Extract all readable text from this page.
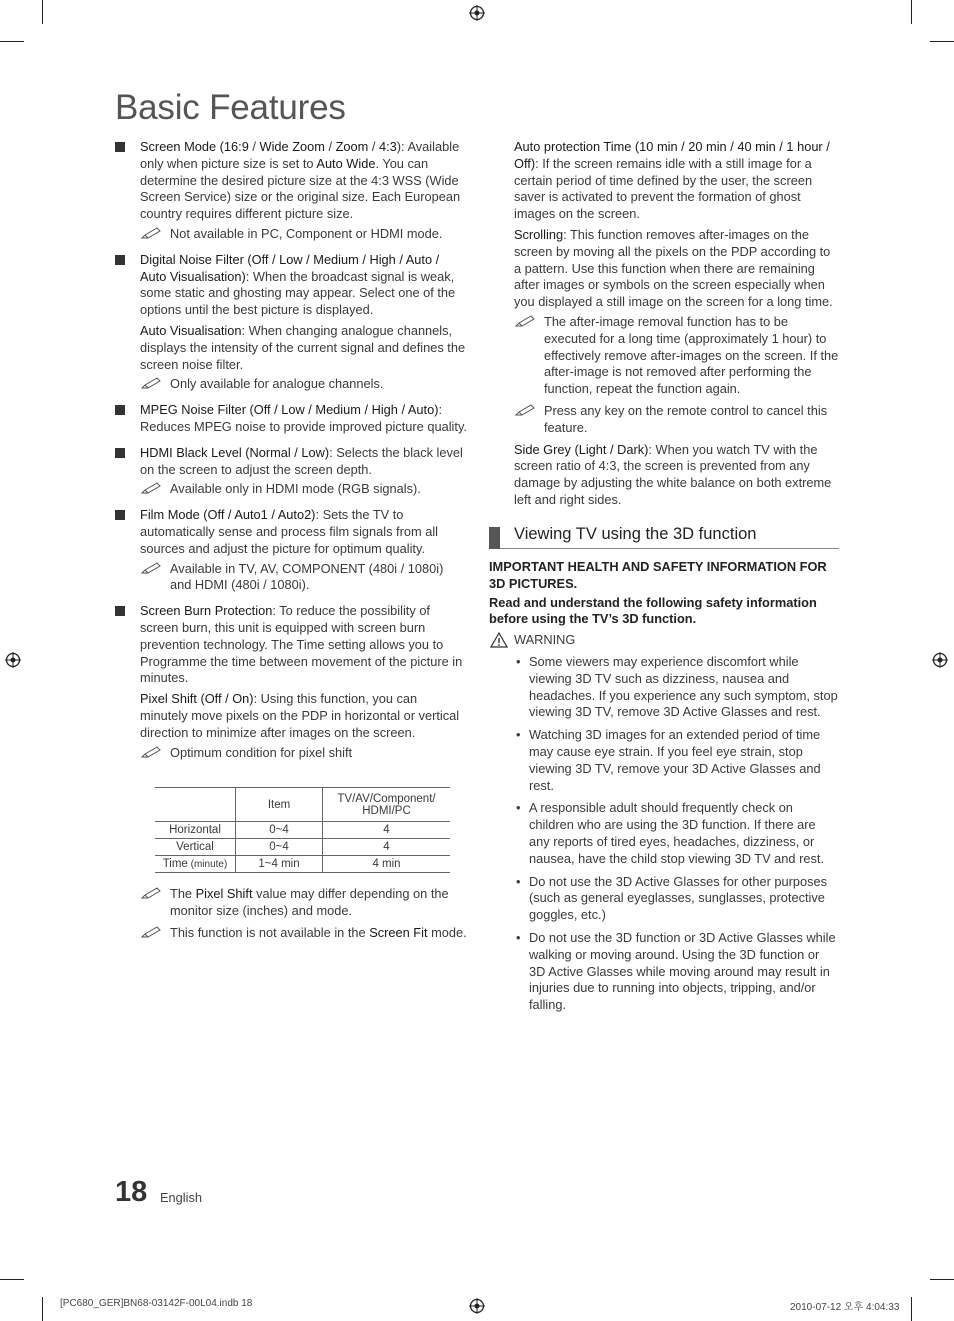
Basic Features

Screen Mode (16:9 / Wide Zoom / Zoom / 4:3): Available only when picture size is set to Auto Wide. You can determine the desired picture size at the 4:3 WSS (Wide Screen Service) size or the original size. Each European country requires different picture size.

Not available in PC, Component or HDMI mode.

Digital Noise Filter (Off / Low / Medium / High / Auto / Auto Visualisation): When the broadcast signal is weak, some static and ghosting may appear. Select one of the options until the best picture is displayed.

Auto Visualisation: When changing analogue channels, displays the intensity of the current signal and defines the screen noise filter.

Only available for analogue channels.

MPEG Noise Filter (Off / Low / Medium / High / Auto): Reduces MPEG noise to provide improved picture quality.

HDMI Black Level (Normal / Low): Selects the black level on the screen to adjust the screen depth.

Available only in HDMI mode (RGB signals).

Film Mode (Off / Auto1 / Auto2): Sets the TV to automatically sense and process film signals from all sources and adjust the picture for optimum quality.

Available in TV, AV, COMPONENT (480i / 1080i) and HDMI (480i / 1080i).

Screen Burn Protection: To reduce the possibility of screen burn, this unit is equipped with screen burn prevention technology. The Time setting allows you to Programme the time between movement of the picture in minutes.

Pixel Shift (Off / On): Using this function, you can minutely move pixels on the PDP in horizontal or vertical direction to minimize after images on the screen.

Optimum condition for pixel shift
	Item	TV/AV/Component/ HDMI/PC
Horizontal	0~4	4
Vertical	0~4	4
Time (minute)	1~4 min	4 min
The Pixel Shift value may differ depending on the monitor size (inches) and mode.
This function is not available in the Screen Fit mode.

Auto protection Time (10 min / 20 min / 40 min / 1 hour / Off): If the screen remains idle with a still image for a certain period of time defined by the user, the screen saver is activated to prevent the formation of ghost images on the screen.

Scrolling: This function removes after-images on the screen by moving all the pixels on the PDP according to a pattern. Use this function when there are remaining after images or symbols on the screen especially when you displayed a still image on the screen for a long time.

The after-image removal function has to be executed for a long time (approximately 1 hour) to effectively remove after-images on the screen. If the after-image is not removed after performing the function, repeat the function again.
Press any key on the remote control to cancel this feature.

Side Grey (Light / Dark): When you watch TV with the screen ratio of 4:3, the screen is prevented from any damage by adjusting the white balance on both extreme left and right sides.

Viewing TV using the 3D function

IMPORTANT HEALTH AND SAFETY INFORMATION FOR 3D PICTURES.

Read and understand the following safety information before using the TV’s 3D function.

WARNING
• Some viewers may experience discomfort while viewing 3D TV such as dizziness, nausea and headaches. If you experience any such symptom, stop viewing 3D TV, remove 3D Active Glasses and rest.
• Watching 3D images for an extended period of time may cause eye strain. If you feel eye strain, stop viewing 3D TV, remove your 3D Active Glasses and rest.
• A responsible adult should frequently check on children who are using the 3D function. If there are any reports of tired eyes, headaches, dizziness, or nausea, have the child stop viewing 3D TV and rest.
• Do not use the 3D Active Glasses for other purposes (such as general eyeglasses, sunglasses, protective goggles, etc.)
• Do not use the 3D function or 3D Active Glasses while walking or moving around. Using the 3D function or 3D Active Glasses while moving around may result in injuries due to running into objects, tripping, and/or falling.
18 English
[PC680_GER]BN68-03142F-00L04.indb 18	2010-07-12 오후 4:04:33
